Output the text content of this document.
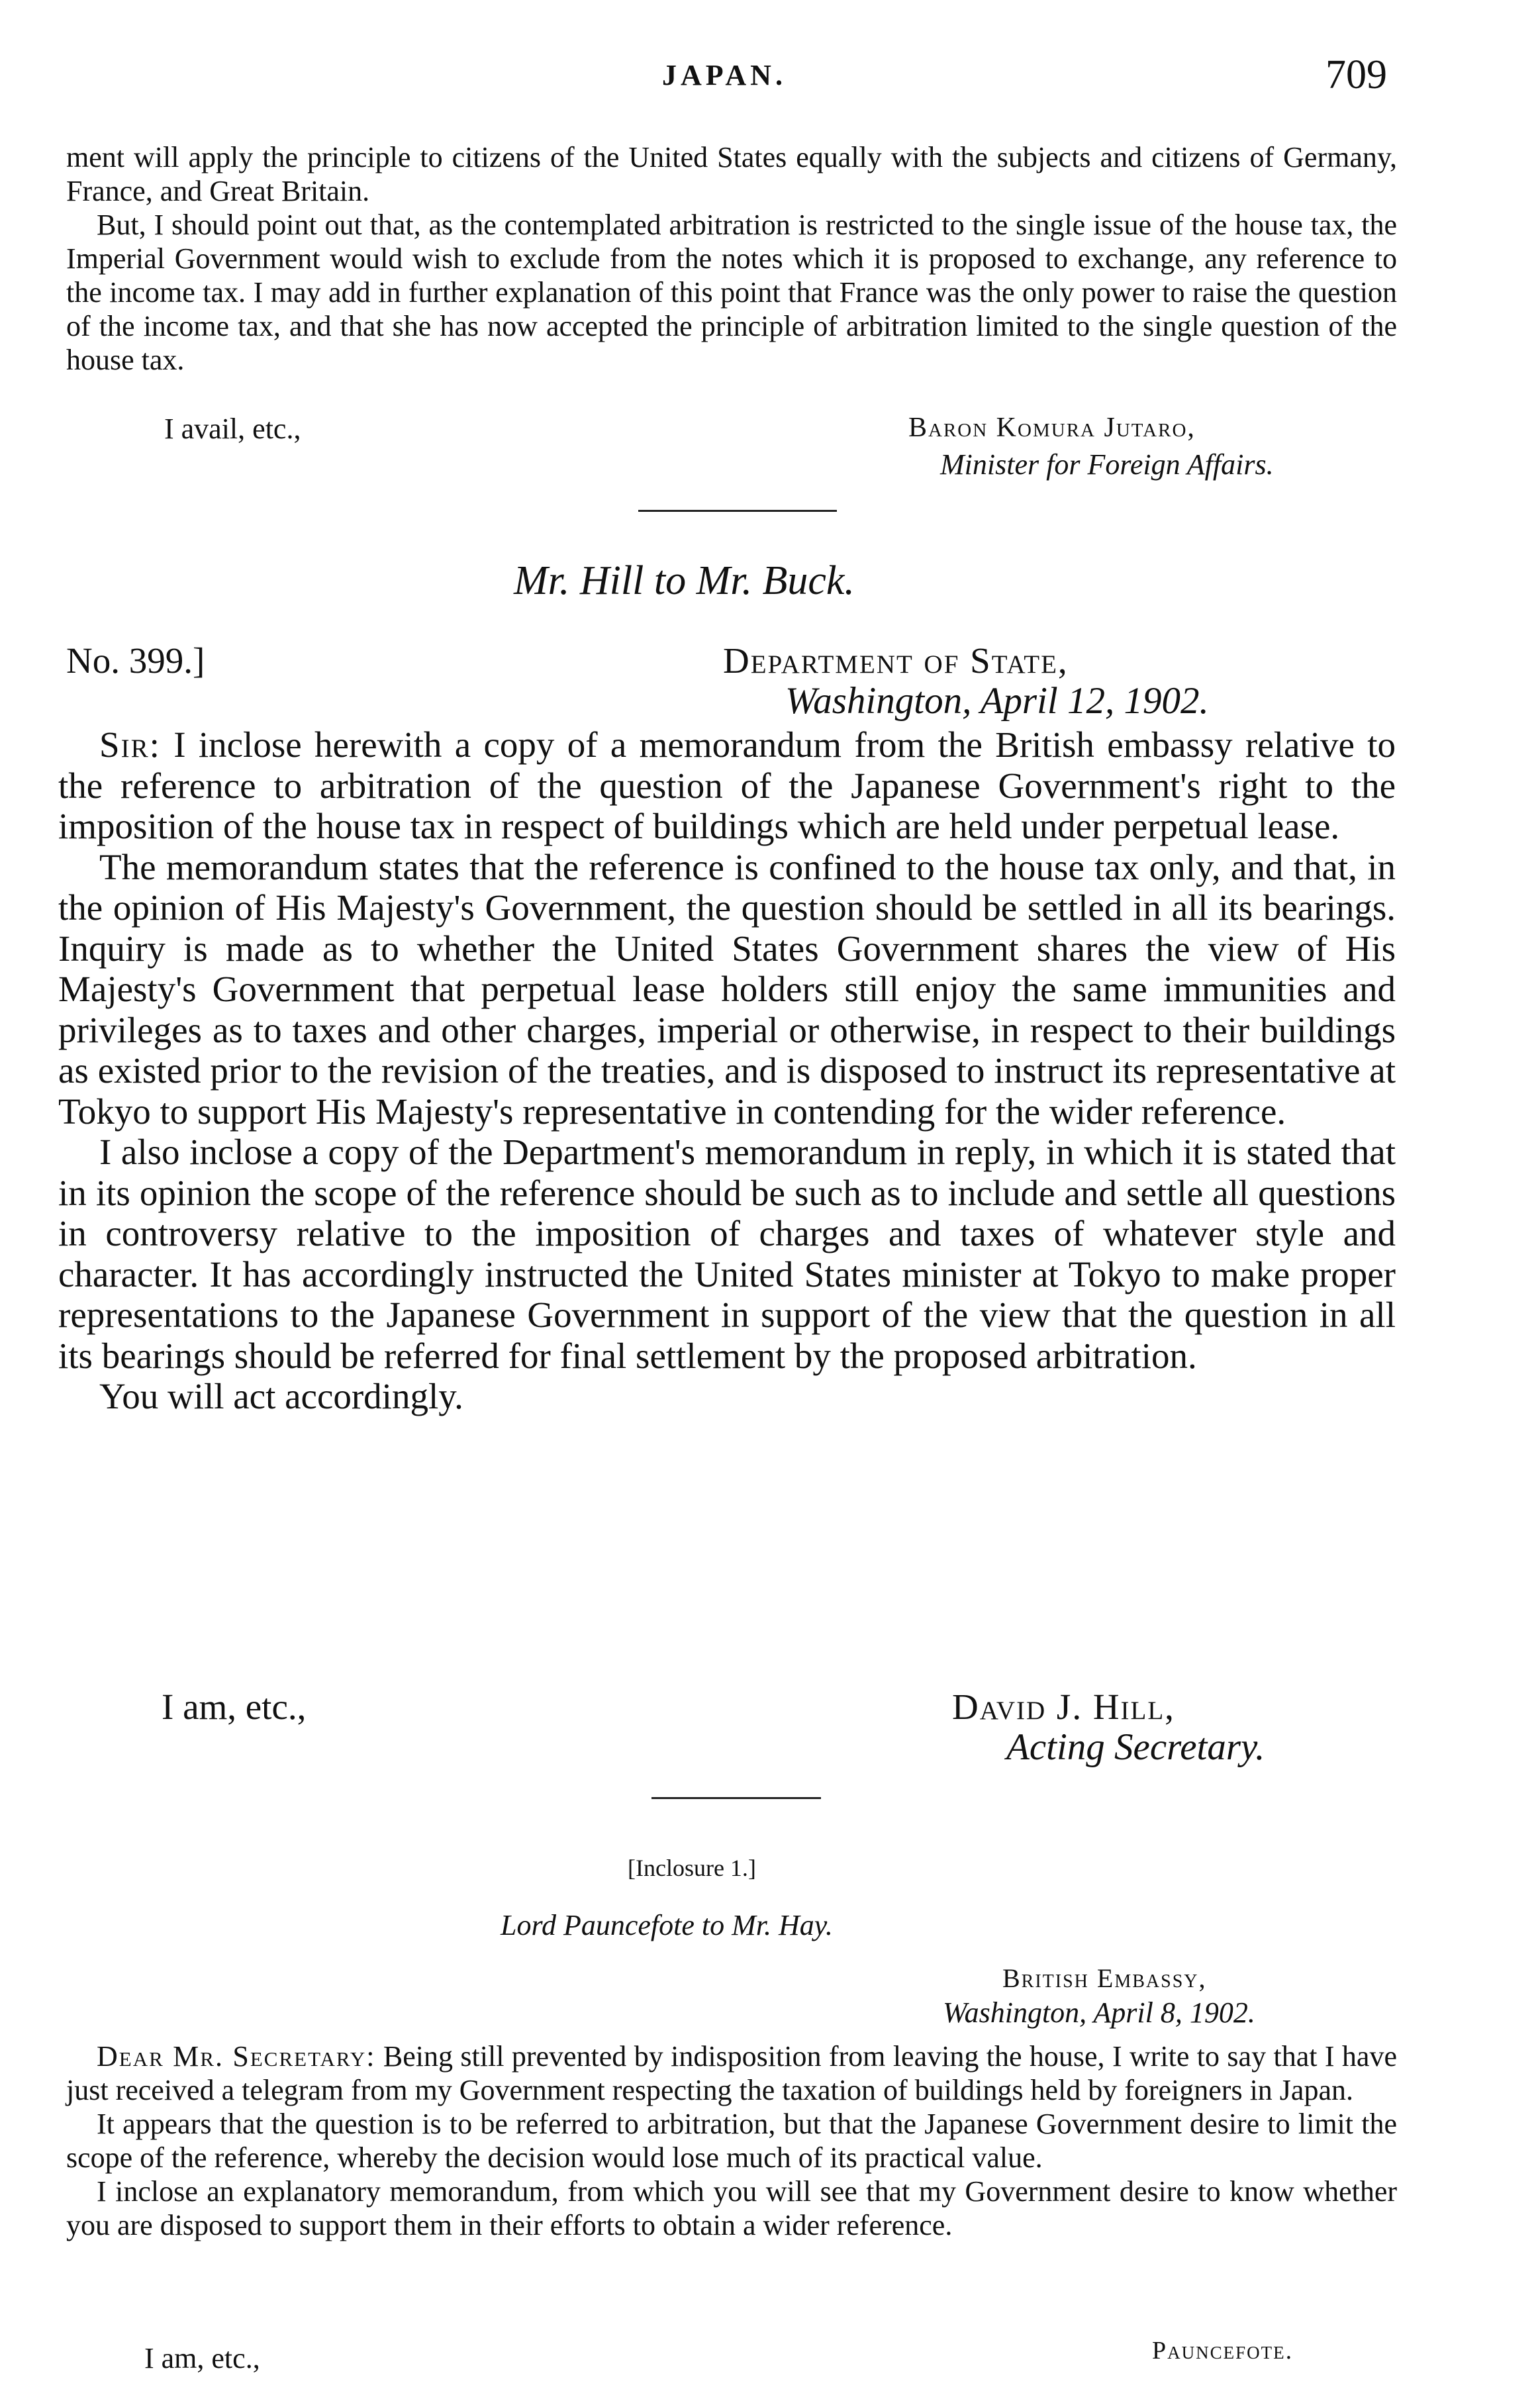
JAPAN.	709

ment will apply the principle to citizens of the United States equally with the subjects and citizens of Germany, France, and Great Britain.

But, I should point out that, as the contemplated arbitration is restricted to the single issue of the house tax, the Imperial Government would wish to exclude from the notes which it is proposed to exchange, any reference to the income tax. I may add in further explanation of this point that France was the only power to raise the question of the income tax, and that she has now accepted the principle of arbitration limited to the single question of the house tax.

I avail, etc.,	Baron Komura Jutaro,
Minister for Foreign Affairs.
Mr. Hill to Mr. Buck.
No. 399.]	Department of State,
Washington, April 12, 1902.

Sir: I inclose herewith a copy of a memorandum from the British embassy relative to the reference to arbitration of the question of the Japanese Government's right to the imposition of the house tax in respect of buildings which are held under perpetual lease.

The memorandum states that the reference is confined to the house tax only, and that, in the opinion of His Majesty's Government, the question should be settled in all its bearings. Inquiry is made as to whether the United States Government shares the view of His Majesty's Government that perpetual lease holders still enjoy the same immunities and privileges as to taxes and other charges, imperial or otherwise, in respect to their buildings as existed prior to the revision of the treaties, and is disposed to instruct its representative at Tokyo to support His Majesty's representative in contending for the wider reference.

I also inclose a copy of the Department's memorandum in reply, in which it is stated that in its opinion the scope of the reference should be such as to include and settle all questions in controversy relative to the imposition of charges and taxes of whatever style and character. It has accordingly instructed the United States minister at Tokyo to make proper representations to the Japanese Government in support of the view that the question in all its bearings should be referred for final settlement by the proposed arbitration.

You will act accordingly.

I am, etc.,	David J. Hill,
Acting Secretary.
[Inclosure 1.]
Lord Pauncefote to Mr. Hay.
British Embassy,
Washington, April 8, 1902.

Dear Mr. Secretary: Being still prevented by indisposition from leaving the house, I write to say that I have just received a telegram from my Government respecting the taxation of buildings held by foreigners in Japan.

It appears that the question is to be referred to arbitration, but that the Japanese Government desire to limit the scope of the reference, whereby the decision would lose much of its practical value.

I inclose an explanatory memorandum, from which you will see that my Government desire to know whether you are disposed to support them in their efforts to obtain a wider reference.

I am, etc.,	Pauncefote.
